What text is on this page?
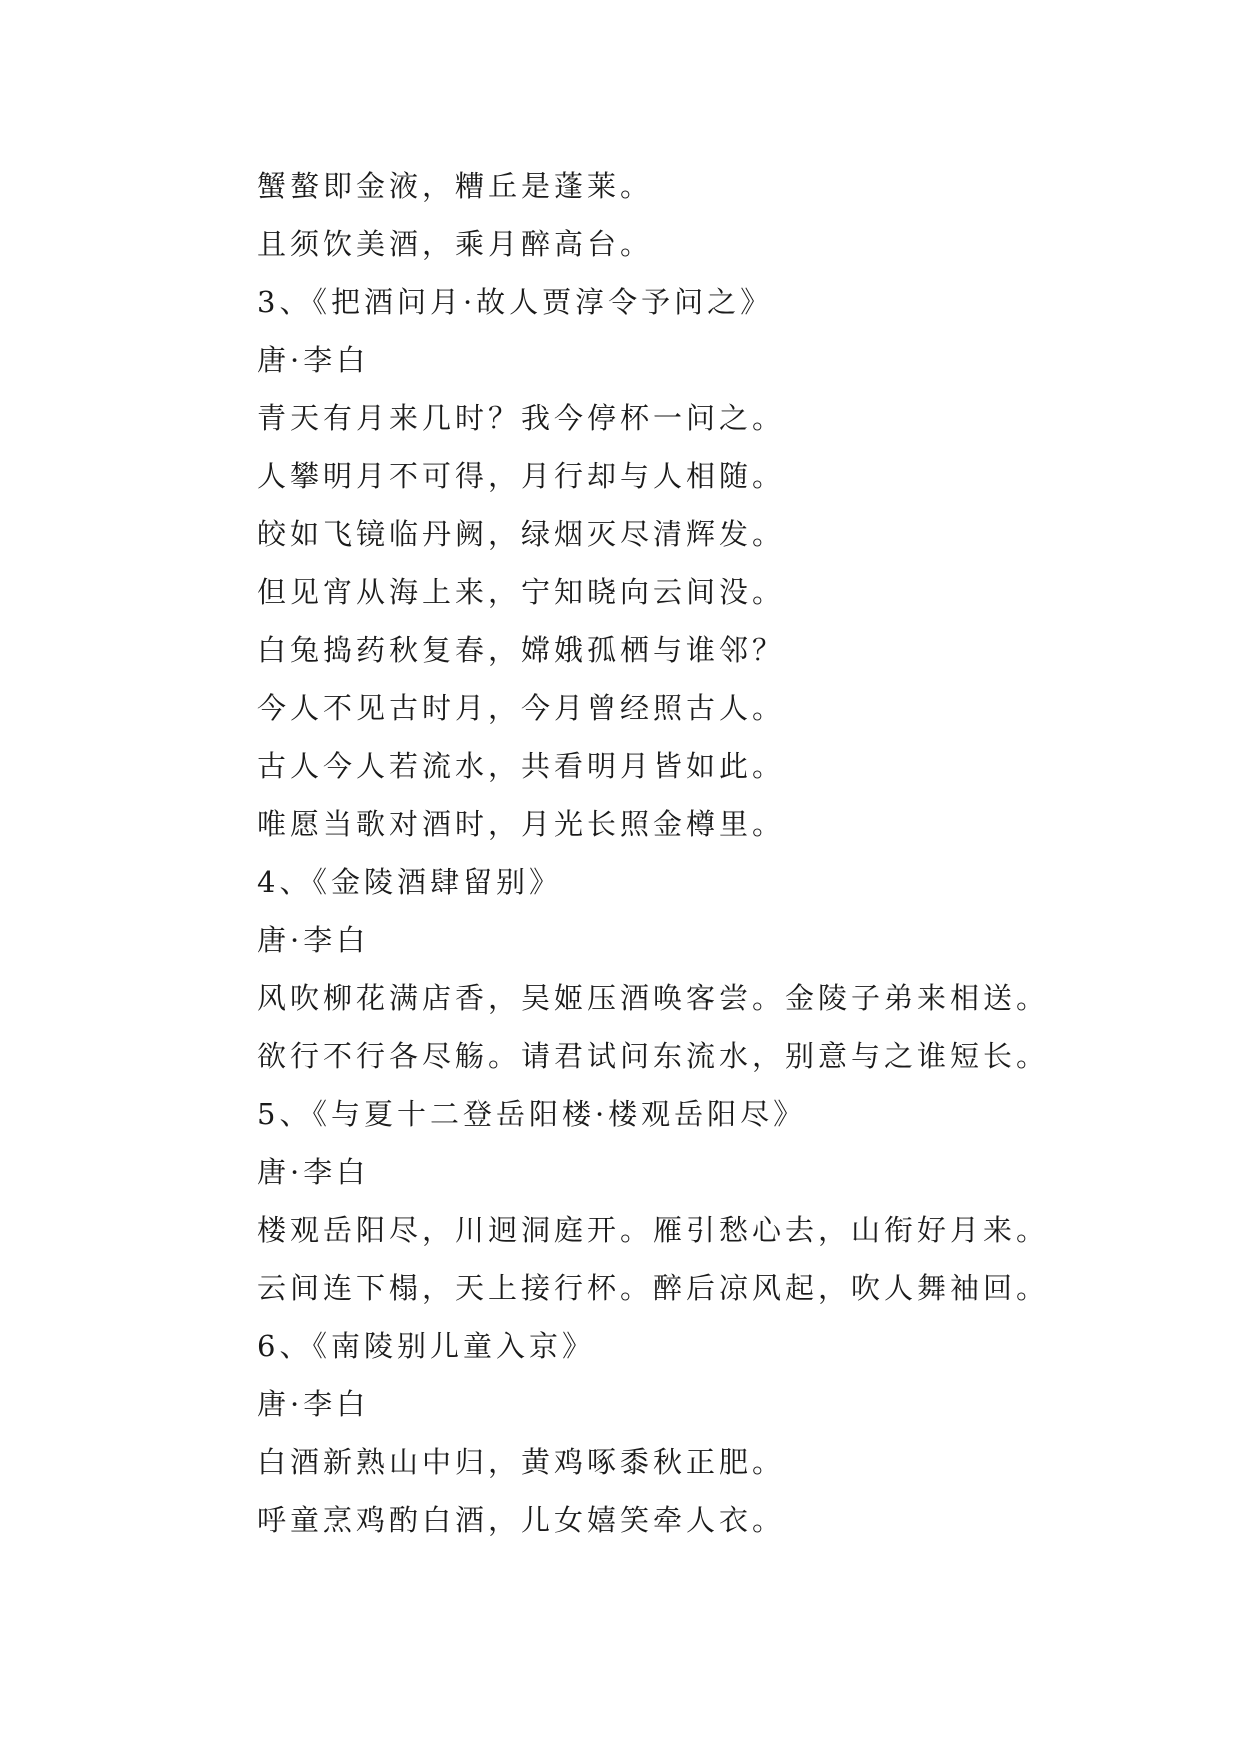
蟹螯即金液，糟丘是蓬莱。
且须饮美酒，乘月醉高台。
3、《把酒问月·故人贾淳令予问之》
唐·李白
青天有月来几时？我今停杯一问之。
人攀明月不可得，月行却与人相随。
皎如飞镜临丹阙，绿烟灭尽清辉发。
但见宵从海上来，宁知晓向云间没。
白兔捣药秋复春，嫦娥孤栖与谁邻？
今人不见古时月，今月曾经照古人。
古人今人若流水，共看明月皆如此。
唯愿当歌对酒时，月光长照金樽里。
4、《金陵酒肆留别》
唐·李白
风吹柳花满店香，吴姬压酒唤客尝。金陵子弟来相送。
欲行不行各尽觞。请君试问东流水，别意与之谁短长。
5、《与夏十二登岳阳楼·楼观岳阳尽》
唐·李白
楼观岳阳尽，川迥洞庭开。雁引愁心去，山衔好月来。
云间连下榻，天上接行杯。醉后凉风起，吹人舞袖回。
6、《南陵别儿童入京》
唐·李白
白酒新熟山中归，黄鸡啄黍秋正肥。
呼童烹鸡酌白酒，儿女嬉笑牵人衣。
